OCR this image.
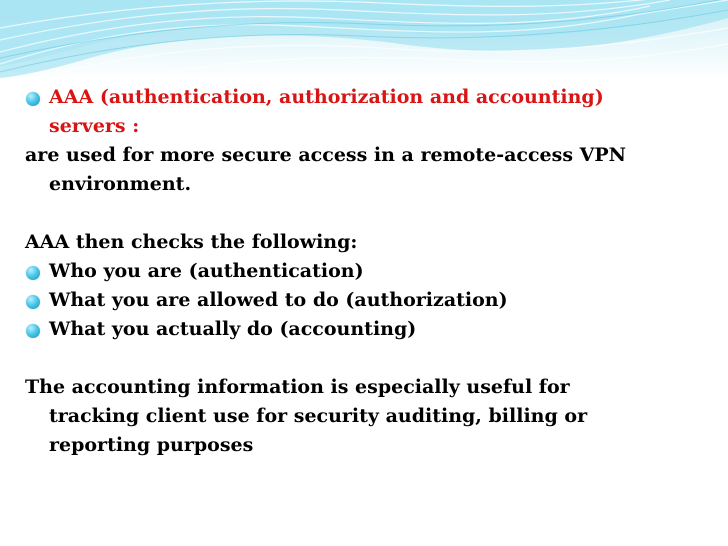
AAA (authentication, authorization and accounting)
servers :
are used for more secure access in a remote-access VPN
environment.
AAA then checks the following:
Who you are (authentication)
What you are allowed to do (authorization)
What you actually do (accounting)
The accounting information is especially useful for
tracking client use for security auditing, billing or
reporting purposes
